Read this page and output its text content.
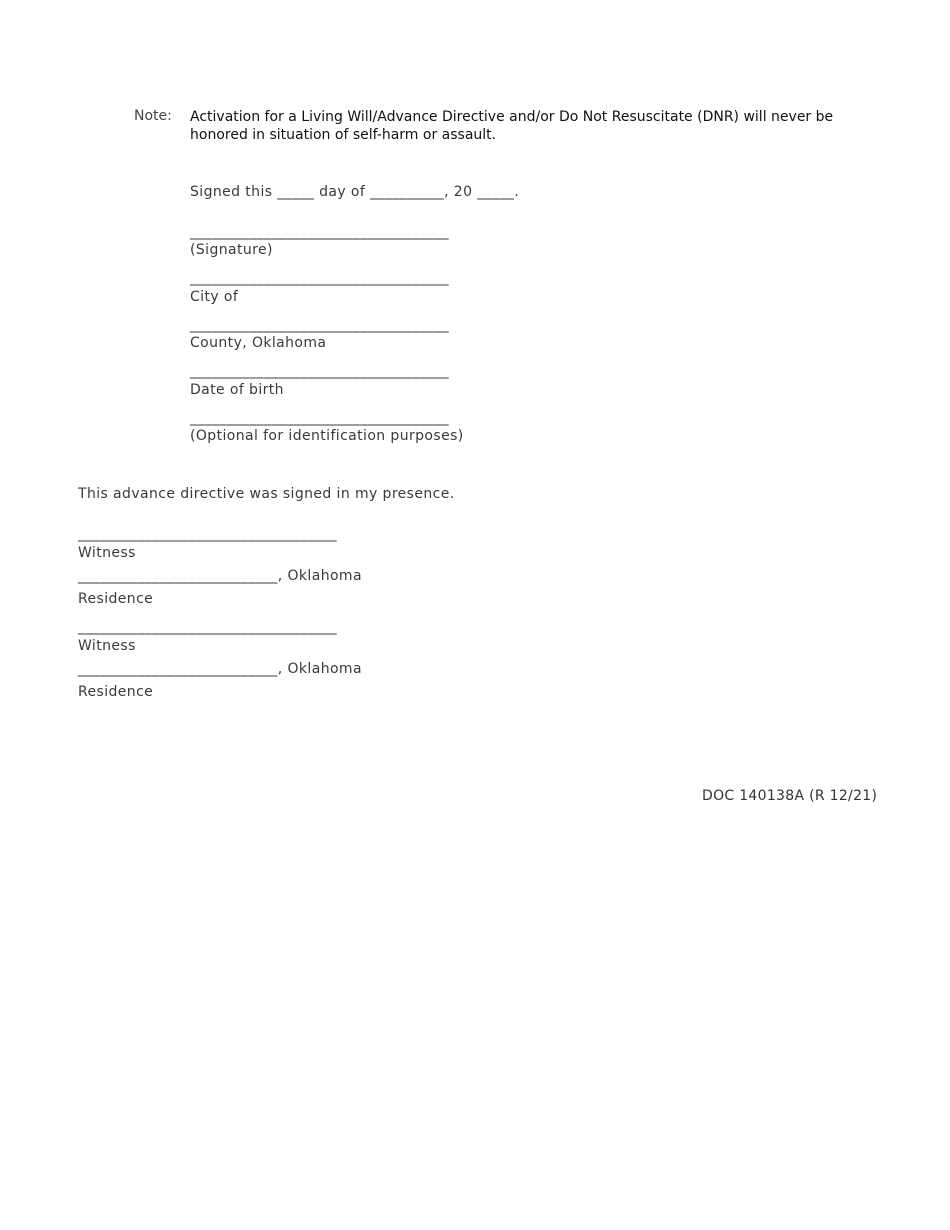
Note: Activation for a Living Will/Advance Directive and/or Do Not Resuscitate (DNR) will never be honored in situation of self-harm or assault.
Signed this _____ day of __________, 20 _____.
___________________________________
(Signature)
___________________________________
City of
___________________________________
County, Oklahoma
___________________________________
Date of birth
___________________________________
(Optional for identification purposes)
This advance directive was signed in my presence.
___________________________________
Witness
___________________________, Oklahoma
Residence
___________________________________
Witness
___________________________, Oklahoma
Residence
DOC 140138A (R 12/21)
